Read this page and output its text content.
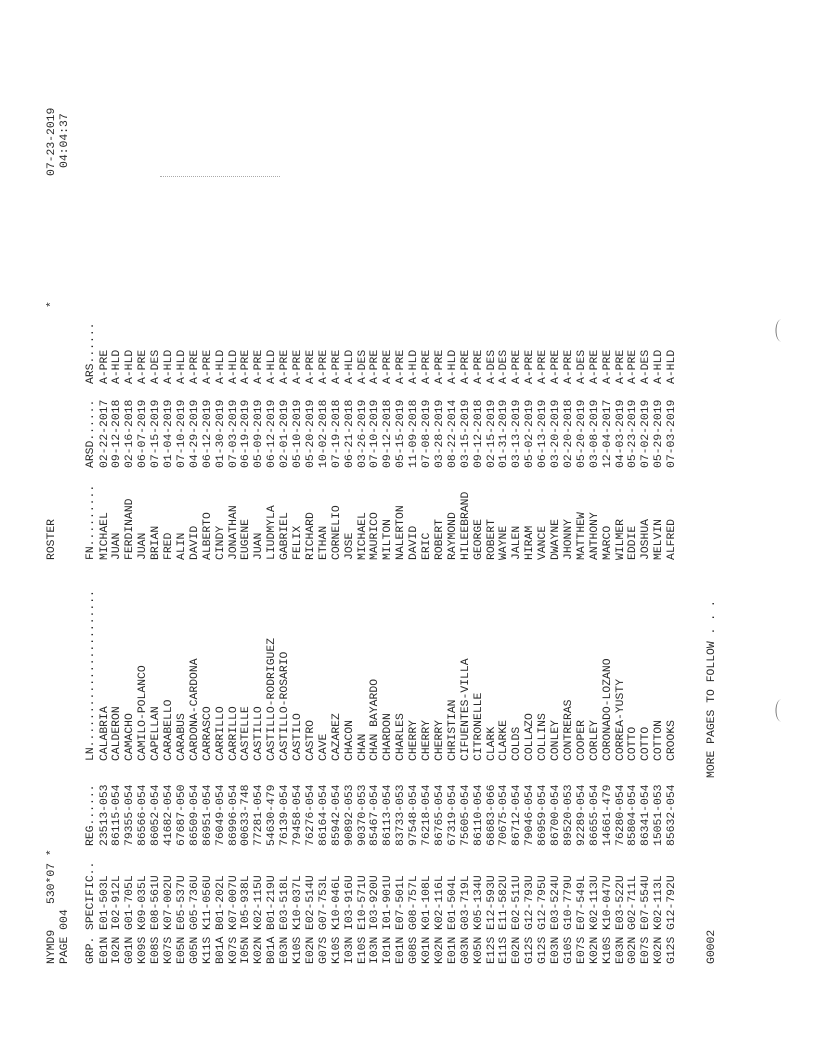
NYMD9
530*07 *
PAGE 004
ROSTER
*
07-23-2019 04:04:37
GRP.
SPECIFIC..
REG......
LN.......................
FN.........
ARSD......
ARS......
E01N
E01-503L
23513-053
CALABRIA
MICHAEL
02-22-2017
A-PRE
I02N
I02-912L
86115-054
CALDERON
JUAN
09-12-2018
A-HLD
G01N
G01-705L
79355-054
CAMACHO
FERDINAND
02-16-2018
A-HLD
K09S
K09-035L
86566-054
CAMILO-POLANCO
JUAN
06-07-2019
A-PRE
E08S
E08-561U
86052-054
CAPELLAN
BRIAN
07-15-2019
A-DES
K07S
K07-002U
41682-054
CARABELLO
FRED
01-04-2019
A-HLD
E05N
E05-537U
67687-050
CARABUS
ALIN
07-10-2019
A-HLD
G05N
G05-736U
86509-054
CARDONA-CARDONA
DAVID
04-29-2019
A-PRE
K11S
K11-056U
86951-054
CARRASCO
ALBERTO
06-12-2019
A-PRE
B01A
B01-202L
76049-054
CARRILLO
CINDY
01-30-2019
A-HLD
K07S
K07-007U
86996-054
CARRILLO
JONATHAN
07-03-2019
A-HLD
I05N
I05-938L
00633-748
CASTELLE
EUGENE
06-19-2019
A-PRE
K02N
K02-115U
77281-054
CASTILLO
JUAN
05-09-2019
A-PRE
B01A
B01-219U
54630-479
CASTILLO-RODRIGUEZ
LIUDMYLA
06-12-2019
A-HLD
E03N
E03-518L
76139-054
CASTILLO-ROSARIO
GABRIEL
02-01-2019
A-PRE
K10S
K10-037L
79458-054
CASTILO
FELIX
05-10-2019
A-PRE
E02N
E02-514U
76276-054
CASTRO
RICHARD
05-20-2019
A-PRE
G07S
G07-753L
86164-054
CAVE
ETHAN
10-02-2018
A-PRE
K10S
K10-046L
85942-054
CAZAREZ
CORNELIO
07-19-2018
A-PRE
I03N
I03-916U
90892-053
CHACON
JOSE
06-21-2018
A-HLD
E10S
E10-571U
90370-053
CHAN
MICHAEL
03-26-2019
A-DES
I03N
I03-920U
85467-054
CHAN BAYARDO
MAURICO
07-10-2019
A-PRE
I01N
I01-901U
86113-054
CHARDON
MILTON
09-12-2018
A-PRE
E01N
E07-501L
83733-053
CHARLES
NALERTON
05-15-2019
A-PRE
G08S
G08-757L
97548-054
CHERRY
DAVID
11-09-2018
A-HLD
K01N
K01-108L
76218-054
CHERRY
ERIC
07-08-2019
A-PRE
K02N
K02-116L
86765-054
CHERRY
ROBERT
03-28-2019
A-PRE
E01N
E01-504L
67319-054
CHRISTIAN
RAYMOND
08-22-2014
A-HLD
G03N
G03-719L
75605-054
CIFUENTES-VILLA
HILEEBRAND
03-15-2019
A-PRE
K05N
K05-134U
86110-054
CITRONELLE
GEORGE
09-12-2018
A-PRE
E12S
E12-593U
68683-066
CLARK
ROBERT
02-15-2019
A-DES
E11S
E11-582U
70675-054
CLARKE
WAYNE
01-31-2019
A-DES
E02N
E02-511U
86712-054
COLDS
JALEN
03-13-2019
A-PRE
G12S
G12-793U
79046-054
COLLAZO
HIRAM
05-02-2019
A-PRE
G12S
G12-795U
86959-054
COLLINS
VANCE
06-13-2019
A-PRE
E03N
E03-524U
86700-054
CONLEY
DWAYNE
03-20-2019
A-PRE
G10S
G10-779U
89520-053
CONTRERAS
JHONNY
02-20-2018
A-PRE
E07S
E07-549L
92289-054
COOPER
MATTHEW
05-20-2019
A-DES
K02N
K02-113U
86655-054
CORLEY
ANTHONY
03-08-2019
A-PRE
K10S
K10-047U
14661-479
CORONADO-LOZANO
MARCO
12-04-2017
A-PRE
E03N
E03-522U
76280-054
CORREA-YUSTY
WILMER
04-03-2019
A-PRE
G02N
G02-711L
85804-054
COTTO
EDDIE
05-23-2019
A-PRE
E07S
E07-554U
86341-054
COTTO
JOSHUA
07-02-2019
A-DES
K02N
K02-113L
15051-053
COTTON
MELVIN
05-29-2019
A-HLD
G12S
G12-792U
85632-054
CROOKS
ALFRED
07-03-2019
A-HLD
G0002
MORE PAGES TO FOLLOW . . .
